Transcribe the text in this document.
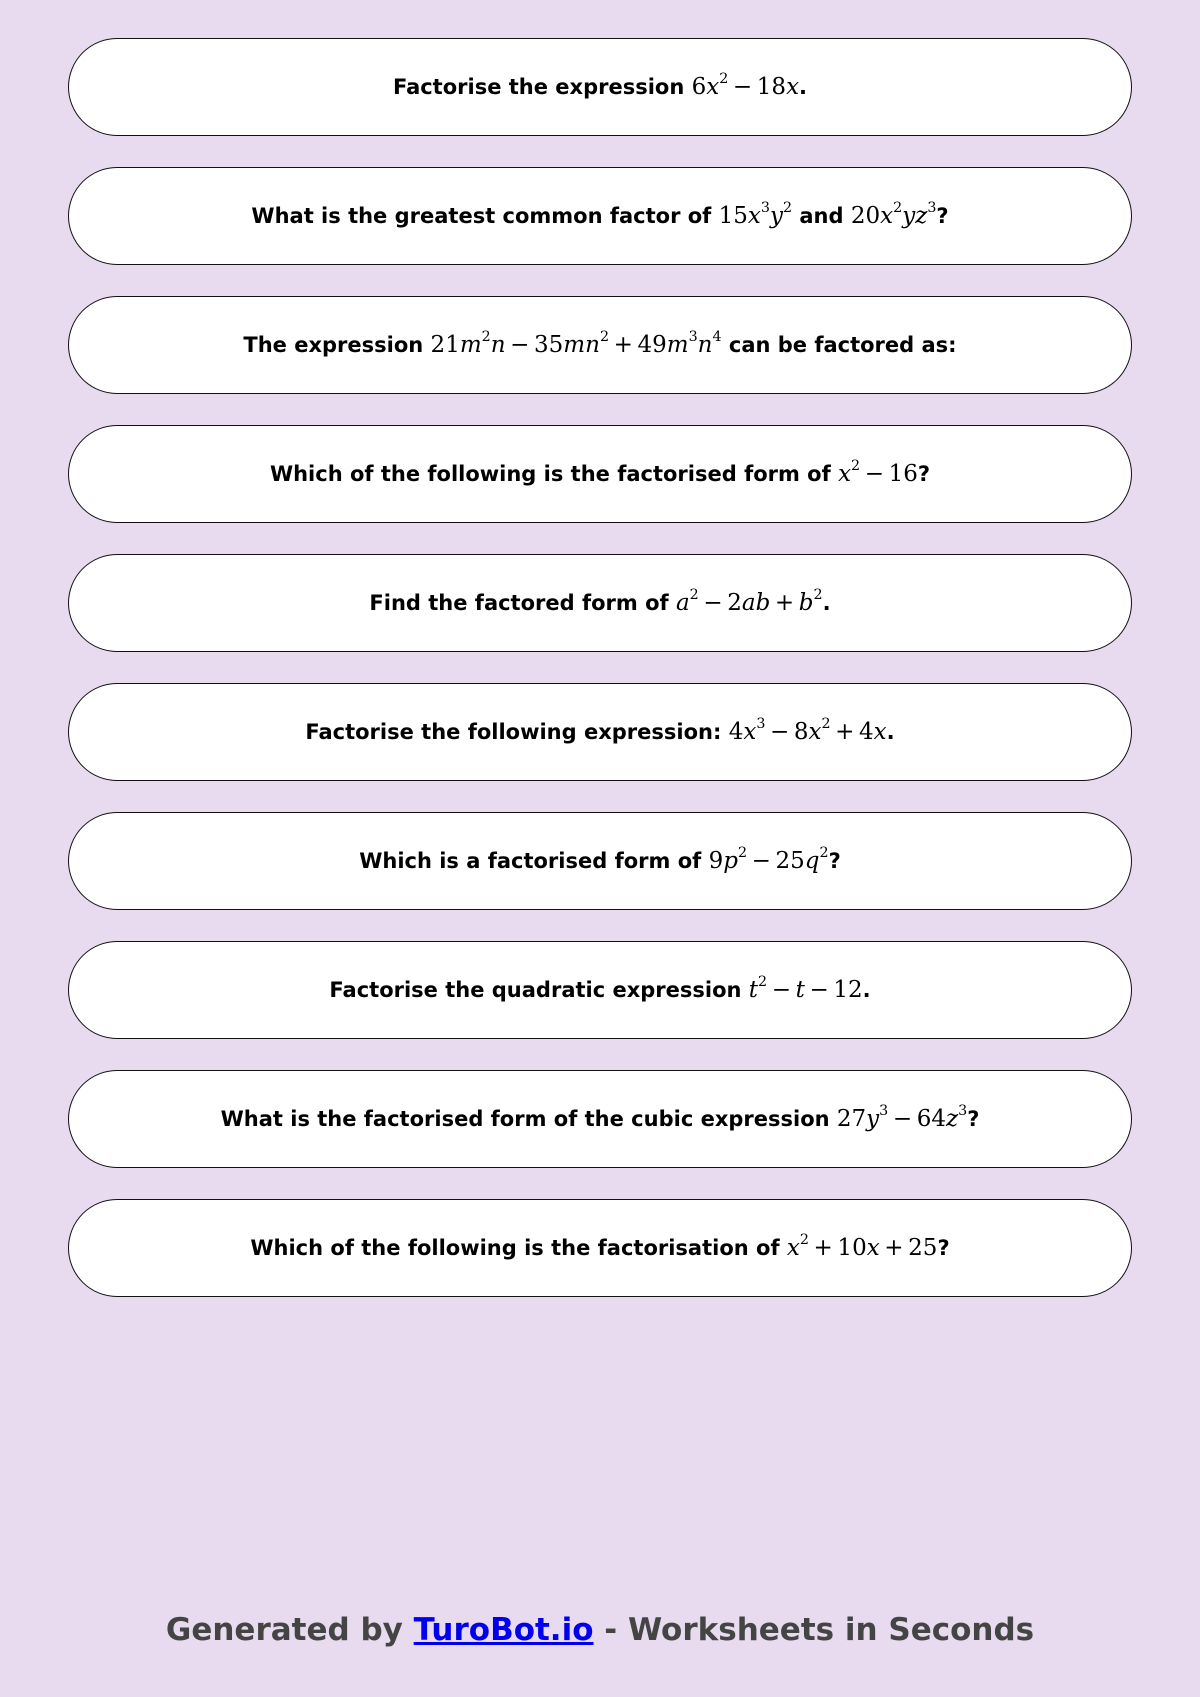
Factorise the expression $6x^2 - 18x$.
What is the greatest common factor of $15x^3y^2$ and $20x^2yz^3$?
The expression $21m^2n - 35mn^2 + 49m^3n^4$ can be factored as:
Which of the following is the factorised form of $x^2 - 16$?
Find the factored form of $a^2 - 2ab + b^2$.
Factorise the following expression: $4x^3 - 8x^2 + 4x$.
Which is a factorised form of $9p^2 - 25q^2$?
Factorise the quadratic expression $t^2 - t - 12$.
What is the factorised form of the cubic expression $27y^3 - 64z^3$?
Which of the following is the factorisation of $x^2 + 10x + 25$?
Generated by TuroBot.io - Worksheets in Seconds
